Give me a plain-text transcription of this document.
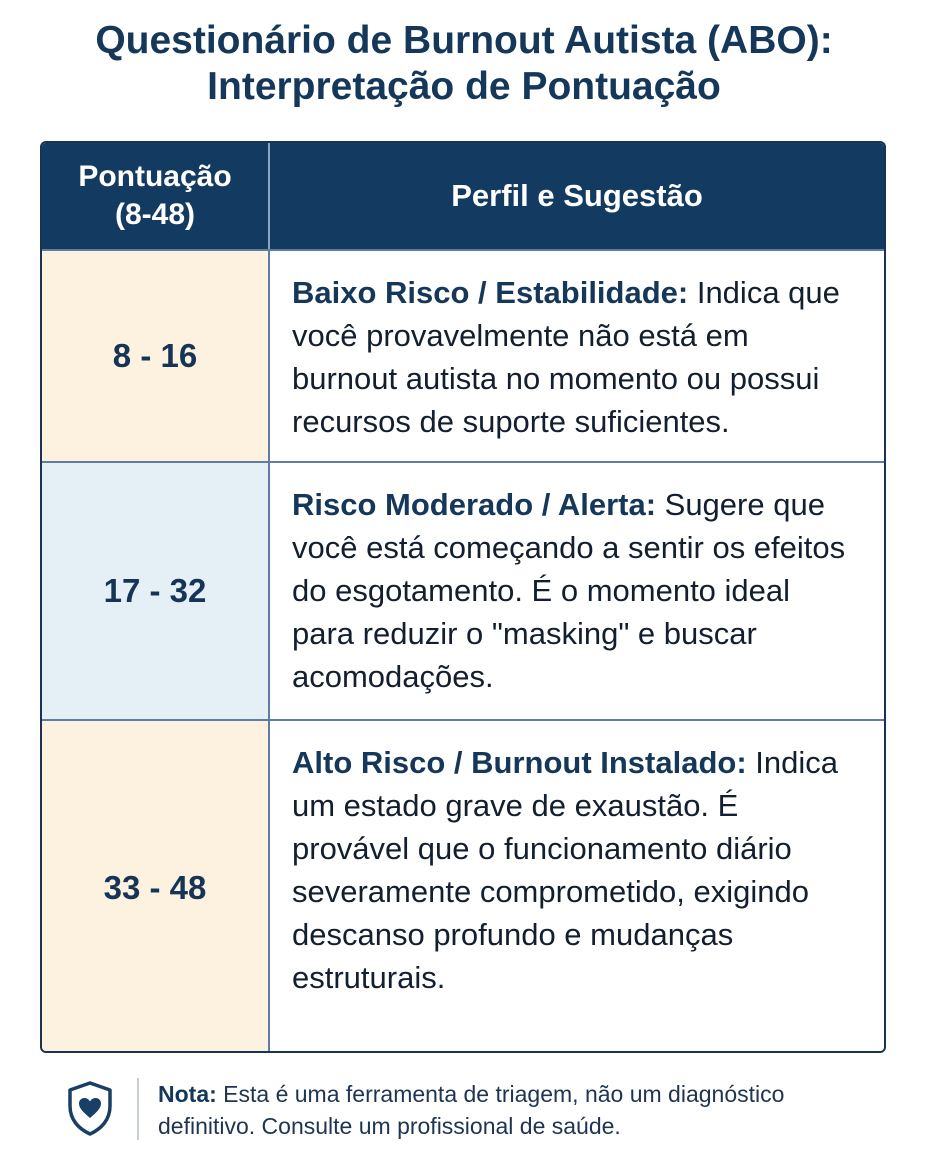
Questionário de Burnout Autista (ABO):
Interpretação de Pontuação
Pontuação
(8-48)
Perfil e Sugestão
8 - 16
Baixo Risco / Estabilidade: Indica que você provavelmente não está em burnout autista no momento ou possui recursos de suporte suficientes.
17 - 32
Risco Moderado / Alerta: Sugere que você está começando a sentir os efeitos do esgotamento. É o momento ideal para reduzir o "masking" e buscar acomodações.
33 - 48
Alto Risco / Burnout Instalado: Indica um estado grave de exaustão. É provável que o funcionamento diário severamente comprometido, exigindo descanso profundo e mudanças estruturais.
Nota: Esta é uma ferramenta de triagem, não um diagnóstico definitivo. Consulte um profissional de saúde.
